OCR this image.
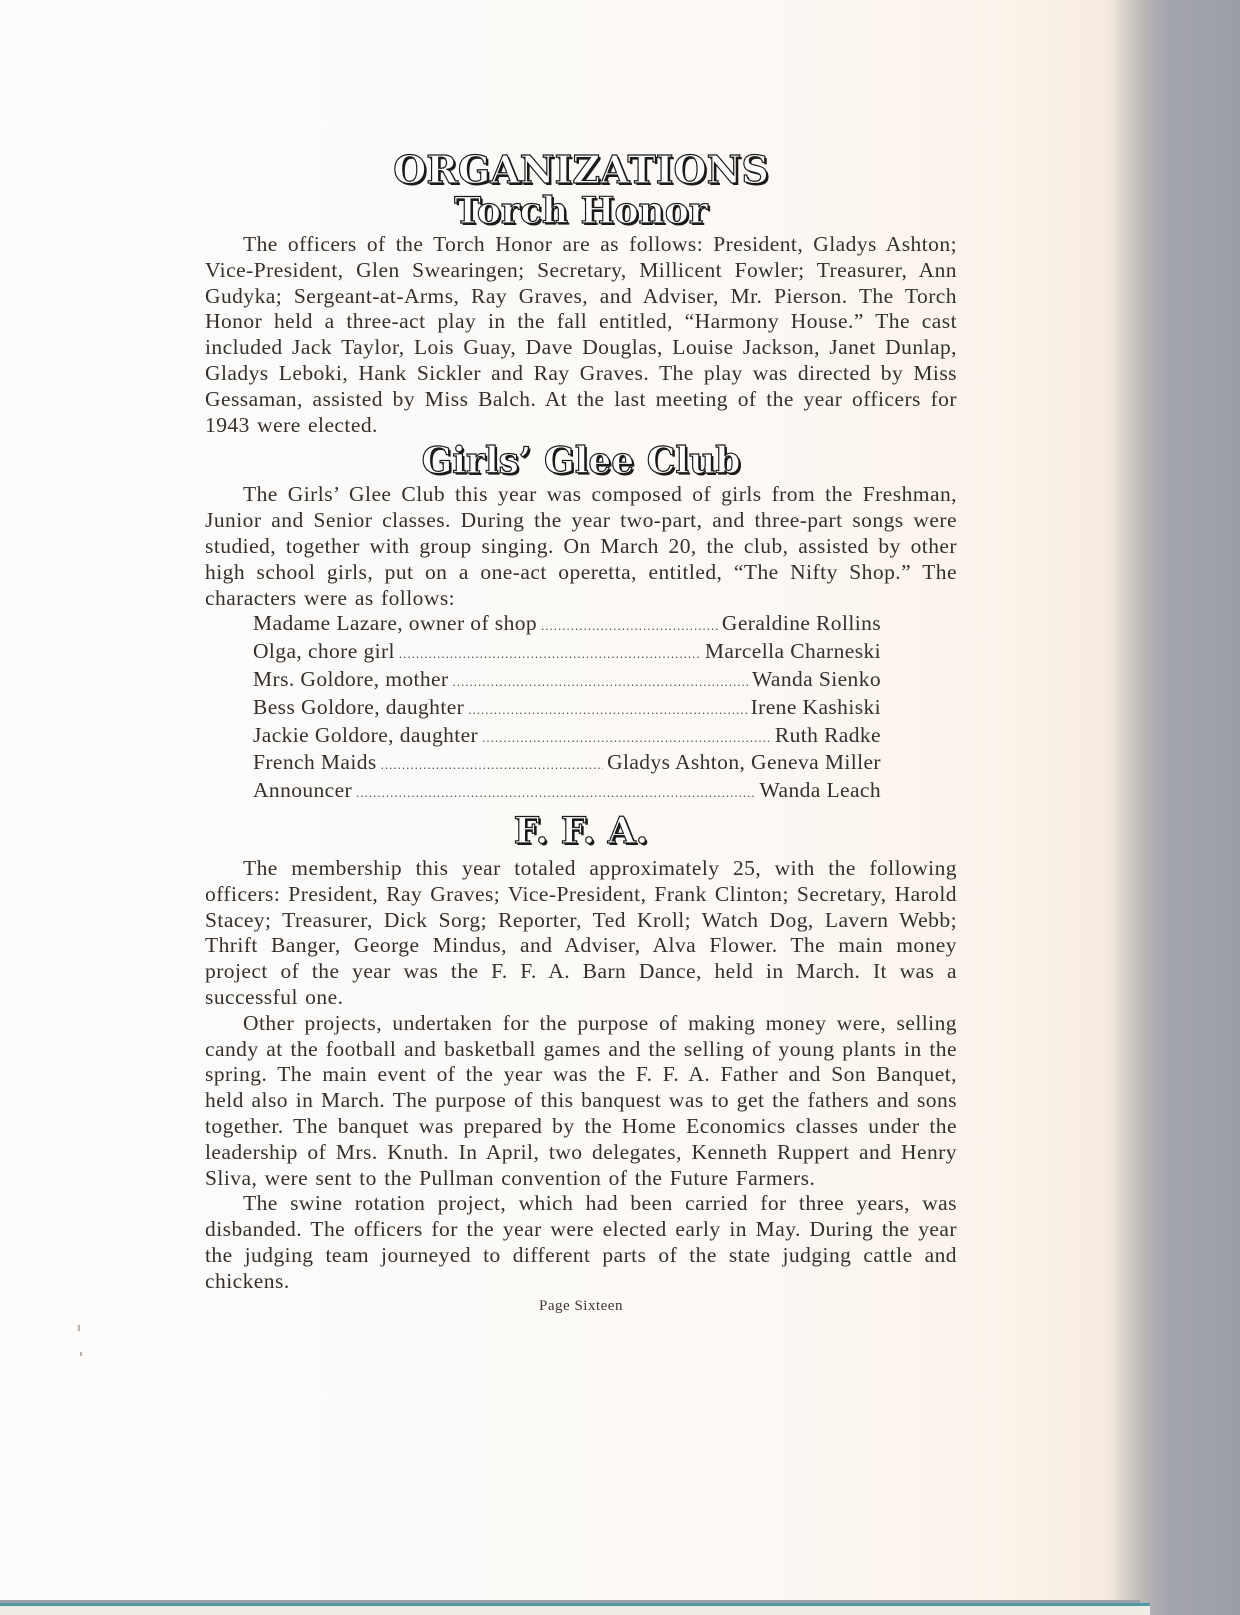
ORGANIZATIONS
Torch Honor

The officers of the Torch Honor are as follows: President, Gladys Ashton; Vice-President, Glen Swearingen; Secretary, Millicent Fowler; Treasurer, Ann Gudyka; Sergeant-at-Arms, Ray Graves, and Adviser, Mr. Pierson. The Torch Honor held a three-act play in the fall entitled, “Harmony House.” The cast included Jack Taylor, Lois Guay, Dave Douglas, Louise Jackson, Janet Dunlap, Gladys Leboki, Hank Sickler and Ray Graves. The play was directed by Miss Gessaman, assisted by Miss Balch. At the last meeting of the year officers for 1943 were elected.

Girls’ Glee Club

The Girls’ Glee Club this year was composed of girls from the Freshman, Junior and Senior classes. During the year two-part, and three-part songs were studied, together with group singing. On March 20, the club, assisted by other high school girls, put on a one-act operetta, entitled, “The Nifty Shop.” The characters were as follows:

Madame Lazare, owner of shop .....	Geraldine Rollins
Olga, chore girl .....	Marcella Charneski
Mrs. Goldore, mother .....	Wanda Sienko
Bess Goldore, daughter .....	Irene Kashiski
Jackie Goldore, daughter .....	Ruth Radke
French Maids .....	Gladys Ashton, Geneva Miller
Announcer .....	Wanda Leach
F. F. A.

The membership this year totaled approximately 25, with the following officers: President, Ray Graves; Vice-President, Frank Clinton; Secretary, Harold Stacey; Treasurer, Dick Sorg; Reporter, Ted Kroll; Watch Dog, Lavern Webb; Thrift Banger, George Mindus, and Adviser, Alva Flower. The main money project of the year was the F. F. A. Barn Dance, held in March. It was a successful one.

Other projects, undertaken for the purpose of making money were, selling candy at the football and basketball games and the selling of young plants in the spring. The main event of the year was the F. F. A. Father and Son Banquet, held also in March. The purpose of this banquest was to get the fathers and sons together. The banquet was prepared by the Home Economics classes under the leadership of Mrs. Knuth. In April, two delegates, Kenneth Ruppert and Henry Sliva, were sent to the Pullman convention of the Future Farmers.

The swine rotation project, which had been carried for three years, was disbanded. The officers for the year were elected early in May. During the year the judging team journeyed to different parts of the state judging cattle and chickens.

Page Sixteen
